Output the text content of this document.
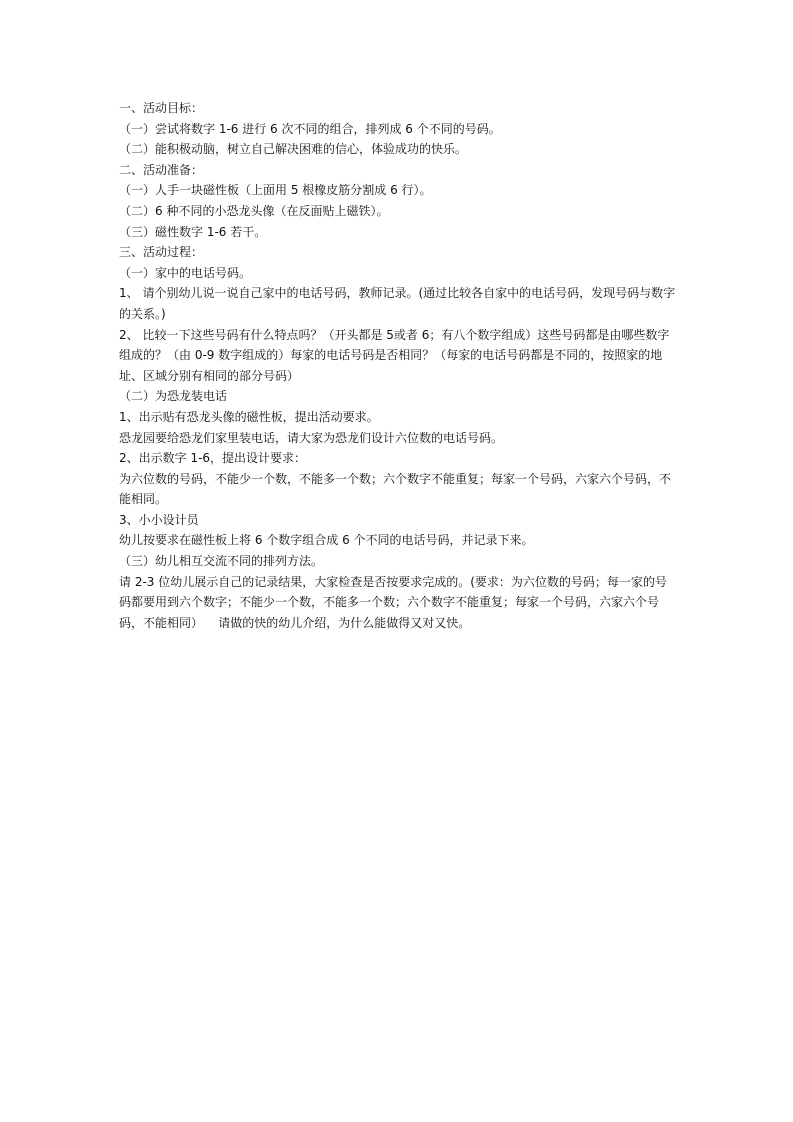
一、活动目标：

（一）尝试将数字 1-6 进行 6 次不同的组合，排列成 6 个不同的号码。

（二）能积极动脑，树立自己解决困难的信心，体验成功的快乐。

二、活动准备：

（一）人手一块磁性板（上面用 5 根橡皮筋分割成 6 行）。

（二）6 种不同的小恐龙头像（在反面贴上磁铁）。

（三）磁性数字 1-6 若干。

三、活动过程：

（一）家中的电话号码。

1、 请个别幼儿说一说自己家中的电话号码，教师记录。(通过比较各自家中的电话号码，发现号码与数字的关系。)

2、 比较一下这些号码有什么特点吗？（开头都是 5或者 6；有八个数字组成）这些号码都是由哪些数字组成的？（由 0-9 数字组成的）每家的电话号码是否相同？（每家的电话号码都是不同的，按照家的地址、区域分别有相同的部分号码）

（二）为恐龙装电话

1、出示贴有恐龙头像的磁性板，提出活动要求。

恐龙园要给恐龙们家里装电话，请大家为恐龙们设计六位数的电话号码。

2、出示数字 1-6，提出设计要求：

为六位数的号码，不能少一个数，不能多一个数；六个数字不能重复；每家一个号码，六家六个号码，不能相同。

3、小小设计员

幼儿按要求在磁性板上将 6 个数字组合成 6 个不同的电话号码，并记录下来。

（三）幼儿相互交流不同的排列方法。

请 2-3 位幼儿展示自己的记录结果，大家检查是否按要求完成的。(要求：为六位数的号码；每一家的号码都要用到六个数字；不能少一个数，不能多一个数；六个数字不能重复；每家一个号码，六家六个号码，不能相同）    请做的快的幼儿介绍，为什么能做得又对又快。
